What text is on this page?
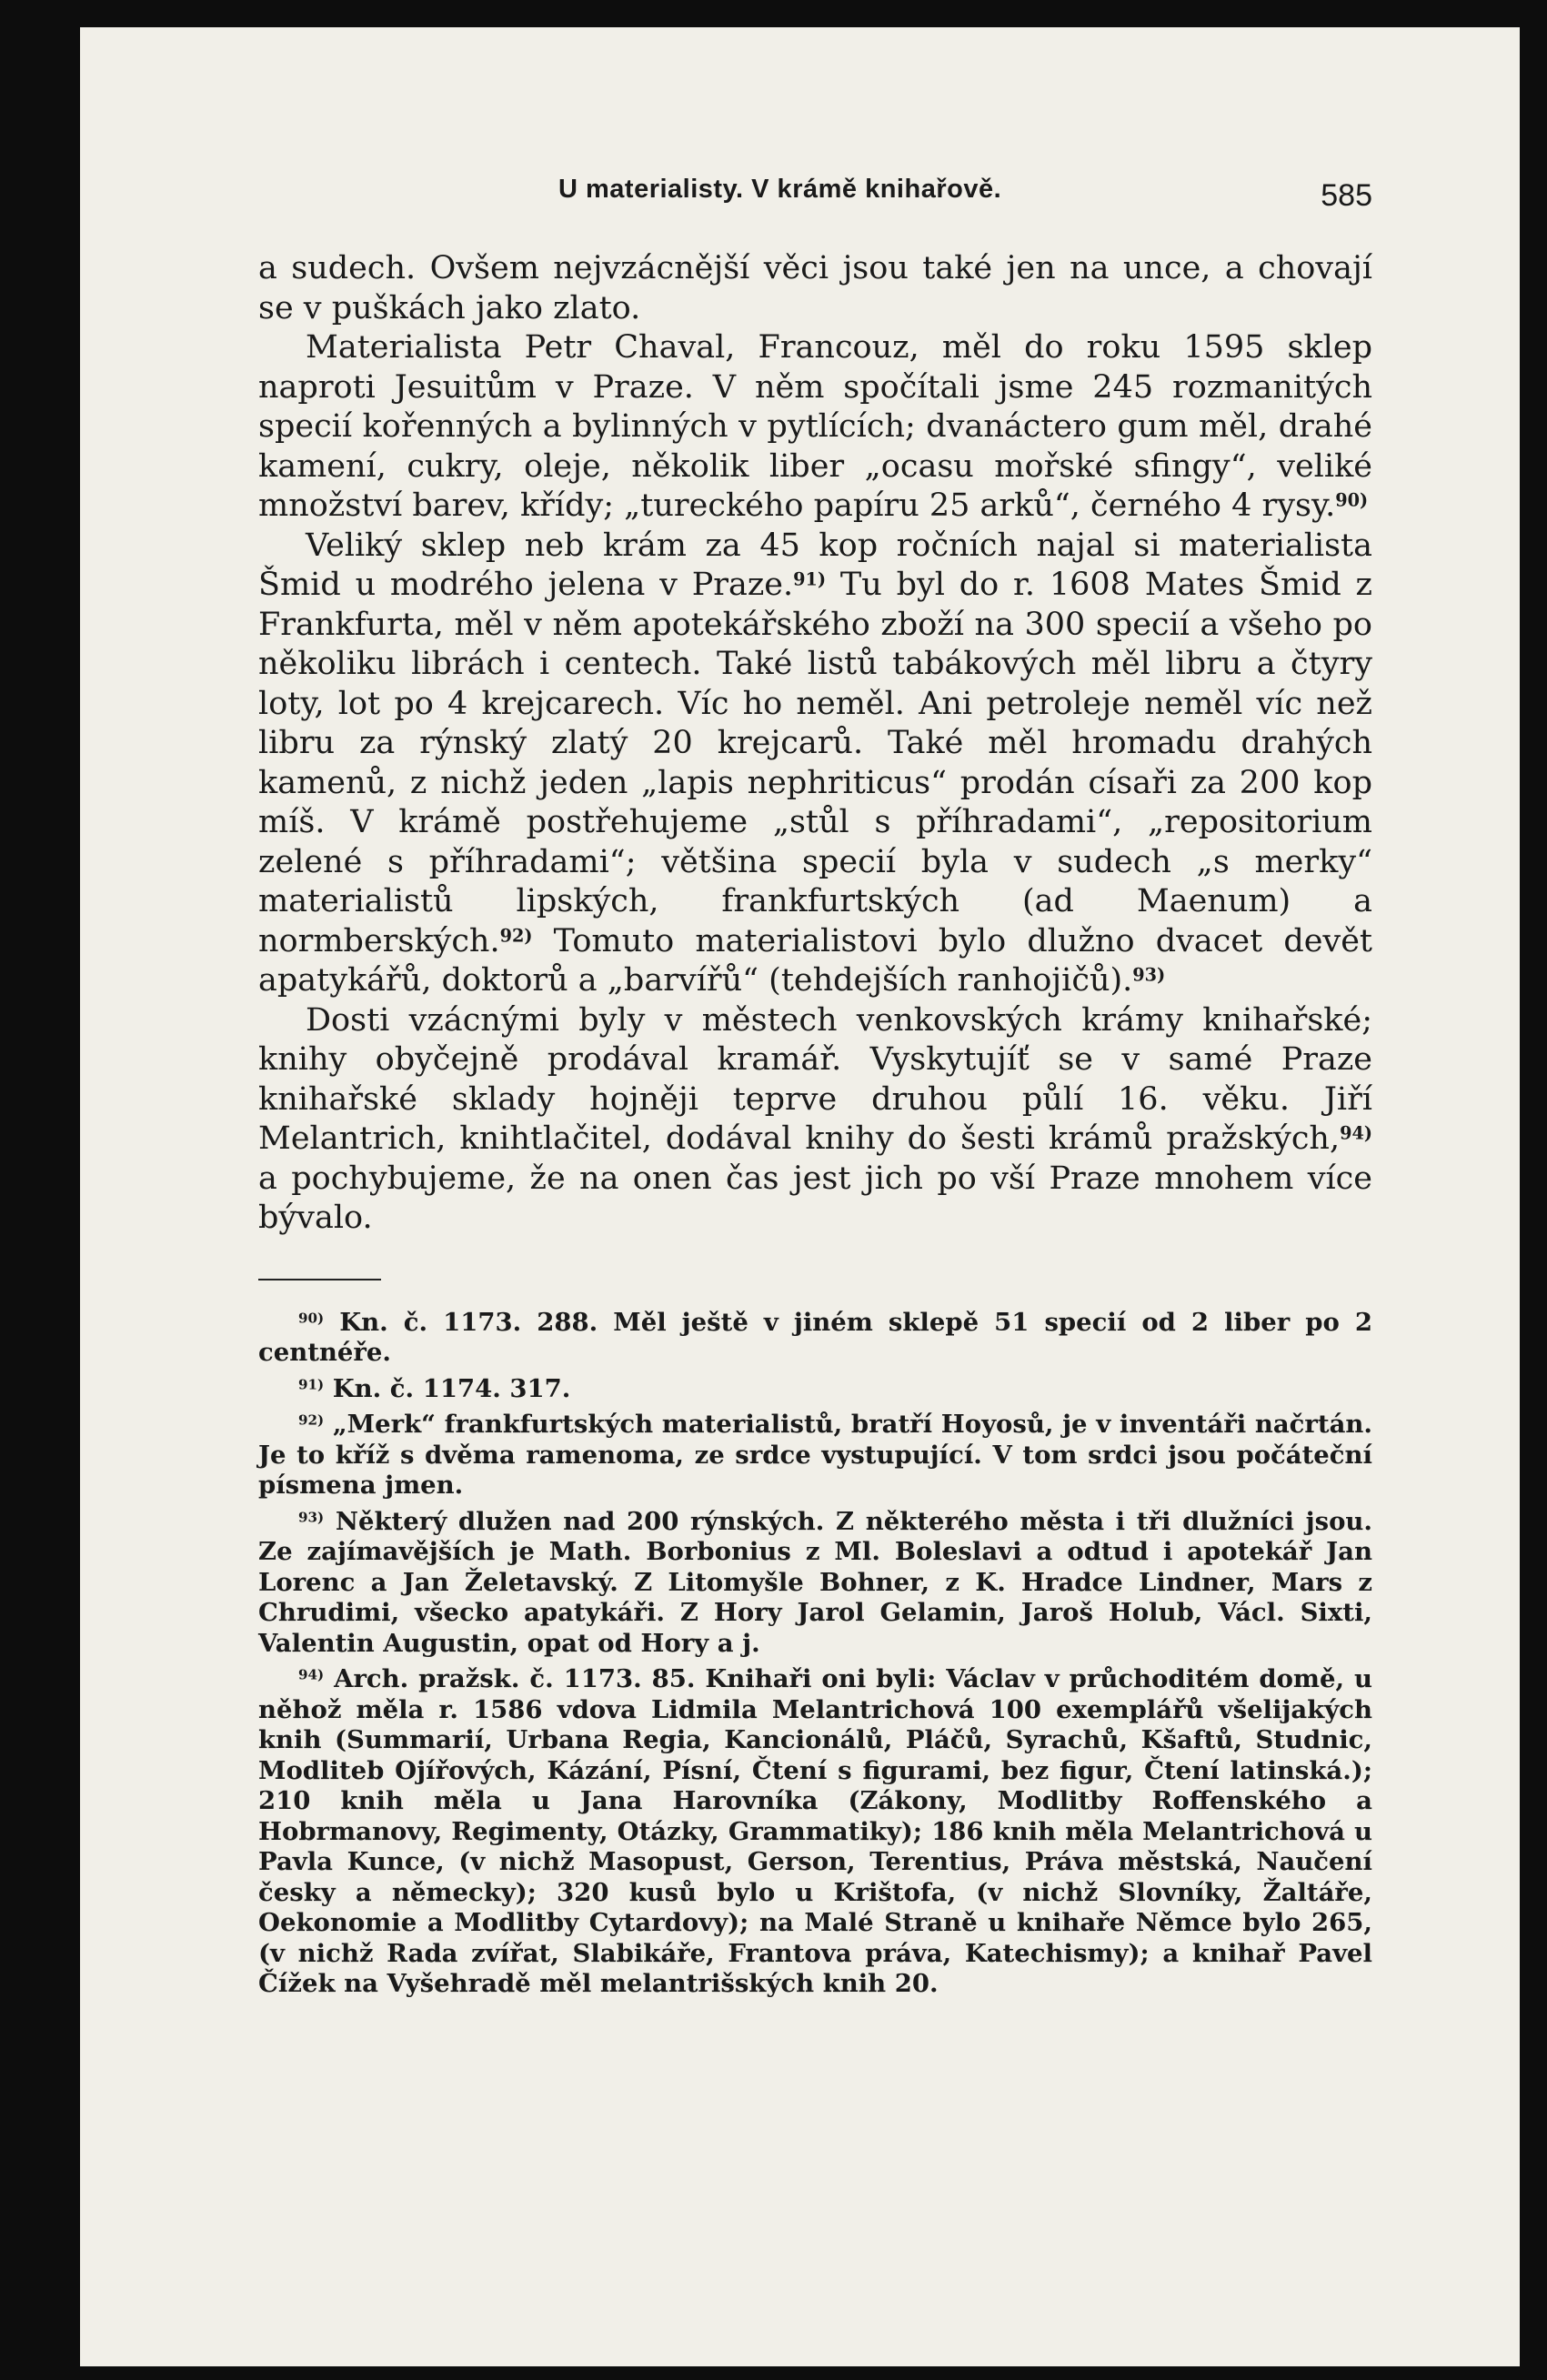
U materialisty. V krámě knihařově.	585

a sudech. Ovšem nejvzácnější věci jsou také jen na unce, a chovají se v puškách jako zlato.

Materialista Petr Chaval, Francouz, měl do roku 1595 sklep naproti Jesuitům v Praze. V něm spočítali jsme 245 rozmanitých specií kořenných a bylinných v pytlících; dvanáctero gum měl, drahé kamení, cukry, oleje, několik liber „ocasu mořské sfingy“, veliké množství barev, křídy; „tureckého papíru 25 arků“, černého 4 rysy.$^{90)}$

Veliký sklep neb krám za 45 kop ročních najal si materialista Šmid u modrého jelena v Praze.$^{91)}$ Tu byl do r. 1608 Mates Šmid z Frankfurta, měl v něm apotekářského zboží na 300 specií a všeho po několiku librách i centech. Také listů tabákových měl libru a čtyry loty, lot po 4 krejcarech. Víc ho neměl. Ani petroleje neměl víc než libru za rýnský zlatý 20 krejcarů. Také měl hromadu drahých kamenů, z nichž jeden „lapis nephriticus“ prodán císaři za 200 kop míš. V krámě postřehujeme „stůl s příhradami“, „repositorium zelené s příhradami“; většina specií byla v sudech „s merky“ materialistů lipských, frankfurtských (ad Maenum) a normberských.$^{92)}$ Tomuto materialistovi bylo dlužno dvacet devět apatykářů, doktorů a „barvířů“ (tehdejších ranhojičů).$^{93)}$

Dosti vzácnými byly v městech venkovských krámy knihařské; knihy obyčejně prodával kramář. Vyskytujíť se v samé Praze knihařské sklady hojněji teprve druhou půlí 16. věku. Jiří Melantrich, knihtlačitel, dodával knihy do šesti krámů pražských,$^{94)}$ a pochybujeme, že na onen čas jest jich po vší Praze mnohem více bývalo.

$^{90)}$ Kn. č. 1173. 288. Měl ještě v jiném sklepě 51 specií od 2 liber po 2 centnéře.

$^{91)}$ Kn. č. 1174. 317.

$^{92)}$ „Merk“ frankfurtských materialistů, bratří Hoyosů, je v inventáři načrtán. Je to kříž s dvěma ramenoma, ze srdce vystupující. V tom srdci jsou počáteční písmena jmen.

$^{93)}$ Některý dlužen nad 200 rýnských. Z některého města i tři dlužníci jsou. Ze zajímavějších je Math. Borbonius z Ml. Boleslavi a odtud i apotekář Jan Lorenc a Jan Želetavský. Z Litomyšle Bohner, z K. Hradce Lindner, Mars z Chrudimi, všecko apatykáři. Z Hory Jarol Gelamin, Jaroš Holub, Václ. Sixti, Valentin Augustin, opat od Hory a j.

$^{94)}$ Arch. pražsk. č. 1173. 85. Knihaři oni byli: Václav v průchoditém domě, u něhož měla r. 1586 vdova Lidmila Melantrichová 100 exemplářů všelijakých knih (Summarií, Urbana Regia, Kancionálů, Pláčů, Syrachů, Kšaftů, Studnic, Modliteb Ojířových, Kázání, Písní, Čtení s figurami, bez figur, Čtení latinská.); 210 knih měla u Jana Harovníka (Zákony, Modlitby Roffenského a Hobrmanovy, Regimenty, Otázky, Grammatiky); 186 knih měla Melantrichová u Pavla Kunce, (v nichž Masopust, Gerson, Terentius, Práva městská, Naučení česky a německy); 320 kusů bylo u Krištofa, (v nichž Slovníky, Žaltáře, Oekonomie a Modlitby Cytardovy); na Malé Straně u knihaře Němce bylo 265, (v nichž Rada zvířat, Slabikáře, Frantova práva, Katechismy); a knihař Pavel Čížek na Vyšehradě měl melantrišských knih 20.
